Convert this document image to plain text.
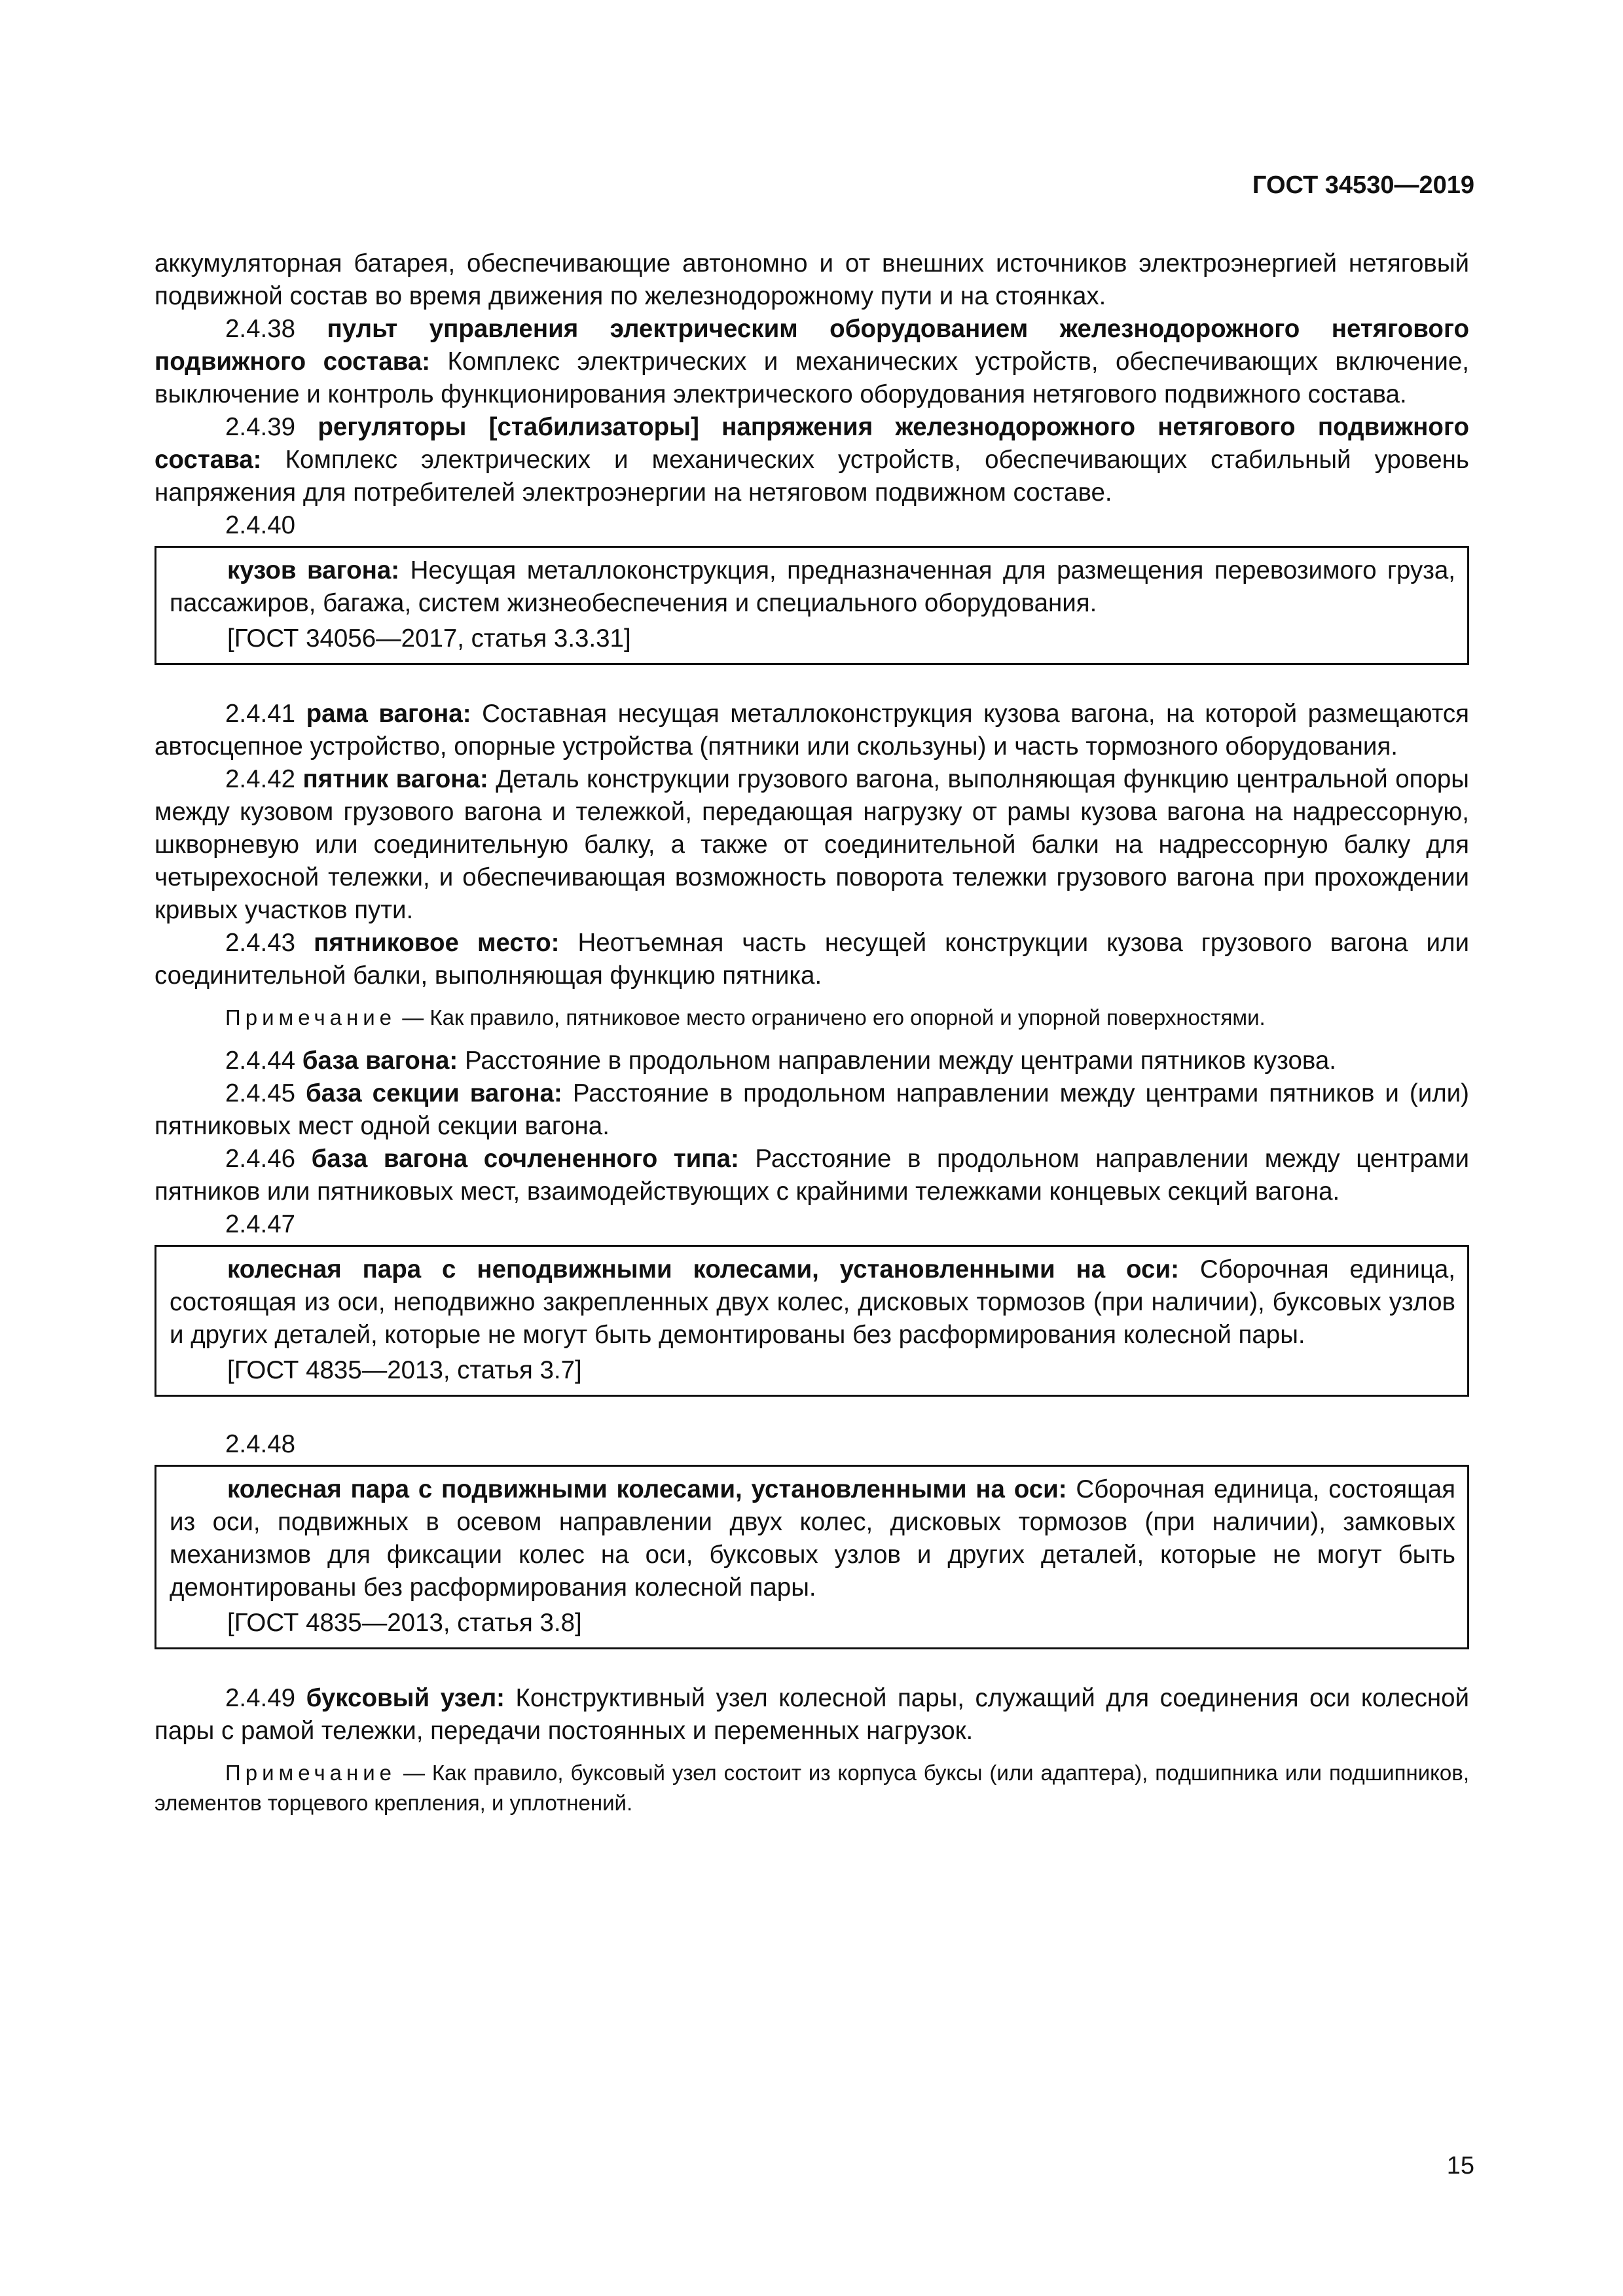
ГОСТ 34530—2019

аккумуляторная батарея, обеспечивающие автономно и от внешних источников электроэнергией нетяговый подвижной состав во время движения по железнодорожному пути и на стоянках.

2.4.38 пульт управления электрическим оборудованием железнодорожного нетягового подвижного состава: Комплекс электрических и механических устройств, обеспечивающих включение, выключение и контроль функционирования электрического оборудования нетягового подвижного состава.

2.4.39 регуляторы [стабилизаторы] напряжения железнодорожного нетягового подвижного состава: Комплекс электрических и механических устройств, обеспечивающих стабильный уровень напряжения для потребителей электроэнергии на нетяговом подвижном составе.

2.4.40

кузов вагона: Несущая металлоконструкция, предназначенная для размещения перевозимого груза, пассажиров, багажа, систем жизнеобеспечения и специального оборудования.

[ГОСТ 34056—2017, статья 3.3.31]

2.4.41 рама вагона: Составная несущая металлоконструкция кузова вагона, на которой размещаются автосцепное устройство, опорные устройства (пятники или скользуны) и часть тормозного оборудования.

2.4.42 пятник вагона: Деталь конструкции грузового вагона, выполняющая функцию центральной опоры между кузовом грузового вагона и тележкой, передающая нагрузку от рамы кузова вагона на надрессорную, шкворневую или соединительную балку, а также от соединительной балки на надрессорную балку для четырехосной тележки, и обеспечивающая возможность поворота тележки грузового вагона при прохождении кривых участков пути.

2.4.43 пятниковое место: Неотъемная часть несущей конструкции кузова грузового вагона или соединительной балки, выполняющая функцию пятника.

Примечание — Как правило, пятниковое место ограничено его опорной и упорной поверхностями.

2.4.44 база вагона: Расстояние в продольном направлении между центрами пятников кузова.

2.4.45 база секции вагона: Расстояние в продольном направлении между центрами пятников и (или) пятниковых мест одной секции вагона.

2.4.46 база вагона сочлененного типа: Расстояние в продольном направлении между центрами пятников или пятниковых мест, взаимодействующих с крайними тележками концевых секций вагона.

2.4.47

колесная пара с неподвижными колесами, установленными на оси: Сборочная единица, состоящая из оси, неподвижно закрепленных двух колес, дисковых тормозов (при наличии), буксовых узлов и других деталей, которые не могут быть демонтированы без расформирования колесной пары.

[ГОСТ 4835—2013, статья 3.7]

2.4.48

колесная пара с подвижными колесами, установленными на оси: Сборочная единица, состоящая из оси, подвижных в осевом направлении двух колес, дисковых тормозов (при наличии), замковых механизмов для фиксации колес на оси, буксовых узлов и других деталей, которые не могут быть демонтированы без расформирования колесной пары.

[ГОСТ 4835—2013, статья 3.8]

2.4.49 буксовый узел: Конструктивный узел колесной пары, служащий для соединения оси колесной пары с рамой тележки, передачи постоянных и переменных нагрузок.

Примечание — Как правило, буксовый узел состоит из корпуса буксы (или адаптера), подшипника или подшипников, элементов торцевого крепления, и уплотнений.

15
